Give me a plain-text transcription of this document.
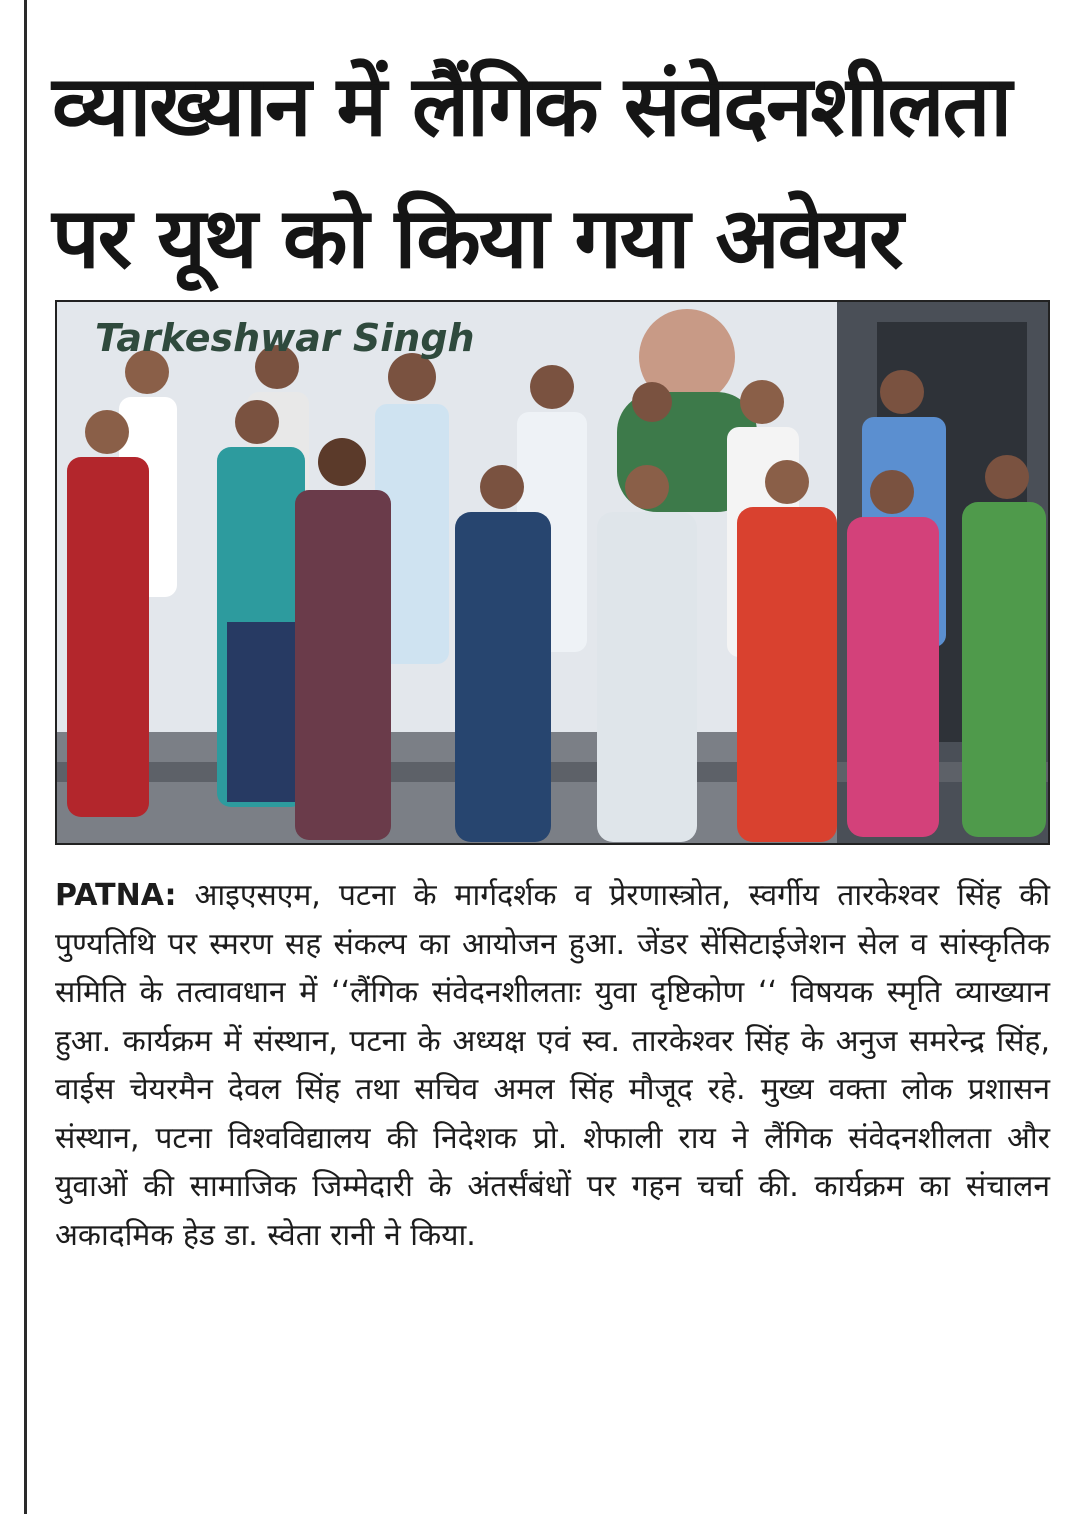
व्याख्यान में लैंगिक संवेदनशीलता
पर यूथ को किया गया अवेयर
Tarkeshwar Singh

PATNA: आइएसएम, पटना के मार्गदर्शक व प्रेरणास्त्रोत, स्वर्गीय तारकेश्वर सिंह की पुण्यतिथि पर स्मरण सह संकल्प का आयोजन हुआ. जेंडर सेंसिटाईजेशन सेल व सांस्कृतिक समिति के तत्वावधान में ‘‘लैंगिक संवेदनशीलताः युवा दृष्टिकोण ‘‘ विषयक स्मृति व्याख्यान हुआ. कार्यक्रम में संस्थान, पटना के अध्यक्ष एवं स्व. तारकेश्वर सिंह के अनुज समरेन्द्र सिंह, वाईस चेयरमैन देवल सिंह तथा सचिव अमल सिंह मौजूद रहे. मुख्य वक्ता लोक प्रशासन संस्थान, पटना विश्वविद्यालय की निदेशक प्रो. शेफाली राय ने लैंगिक संवेदनशीलता और युवाओं की सामाजिक जिम्मेदारी के अंतर्संबंधों पर गहन चर्चा की. कार्यक्रम का संचालन अकादमिक हेड डा. स्वेता रानी ने किया.
